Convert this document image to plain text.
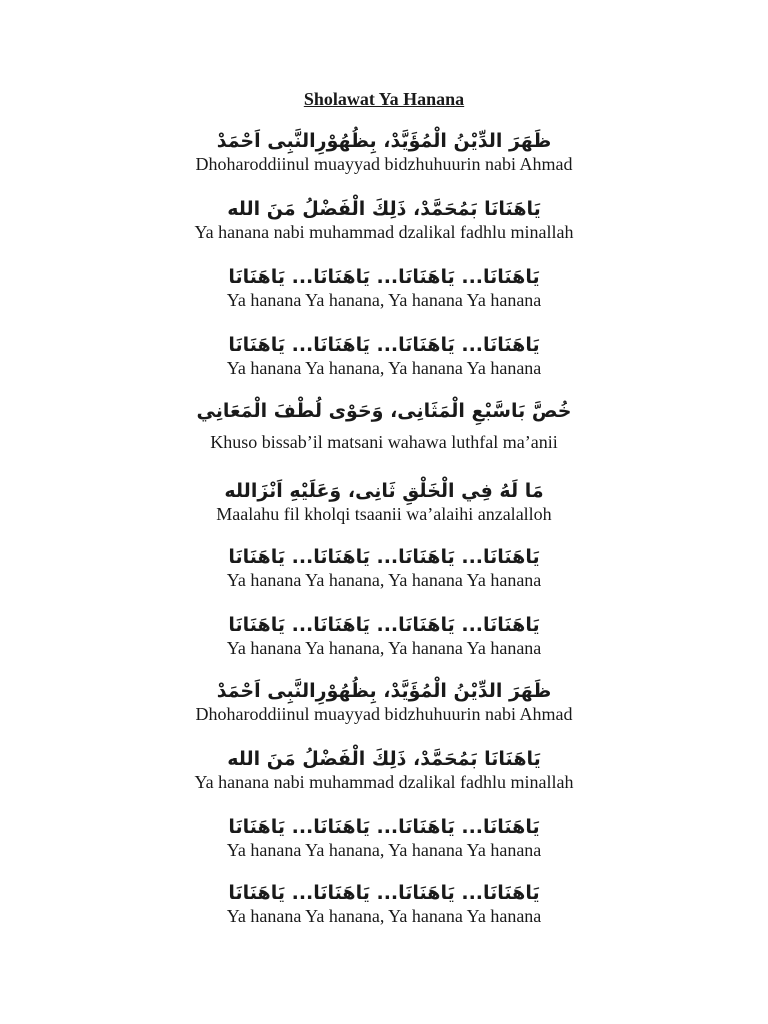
Sholawat Ya Hanana
ظَهَرَ الدِّيْنُ الْمُؤَيَّدْ، بِظُهُوْرِالنَّبِى اَحْمَدْ
Dhoharoddiinul muayyad bidzhuhuurin nabi Ahmad
يَاهَنَانَا بَمُحَمَّدْ، ذَلِكَ الْفَضْلُ مَنَ الله
Ya hanana nabi muhammad dzalikal fadhlu minallah
يَاهَنَانَا... يَاهَنَانَا... يَاهَنَانَا... يَاهَنَانَا
Ya hanana Ya hanana, Ya hanana Ya hanana
يَاهَنَانَا... يَاهَنَانَا... يَاهَنَانَا... يَاهَنَانَا
Ya hanana Ya hanana, Ya hanana Ya hanana
خُصَّ بَاسَّبْعِ الْمَثَانِى، وَحَوْى لُطْفَ الْمَعَانِي
Khuso bissab’il matsani wahawa luthfal ma’anii
مَا لَهُ فِي الْخَلْقِ ثَانِى، وَعَلَيْهِ اَنْزَالله
Maalahu fil kholqi tsaanii wa’alaihi anzalalloh
يَاهَنَانَا... يَاهَنَانَا... يَاهَنَانَا... يَاهَنَانَا
Ya hanana Ya hanana, Ya hanana Ya hanana
يَاهَنَانَا... يَاهَنَانَا... يَاهَنَانَا... يَاهَنَانَا
Ya hanana Ya hanana, Ya hanana Ya hanana
ظَهَرَ الدِّيْنُ الْمُؤَيَّدْ، بِظُهُوْرِالنَّبِى اَحْمَدْ
Dhoharoddiinul muayyad bidzhuhuurin nabi Ahmad
يَاهَنَانَا بَمُحَمَّدْ، ذَلِكَ الْفَضْلُ مَنَ الله
Ya hanana nabi muhammad dzalikal fadhlu minallah
يَاهَنَانَا... يَاهَنَانَا... يَاهَنَانَا... يَاهَنَانَا
Ya hanana Ya hanana, Ya hanana Ya hanana
يَاهَنَانَا... يَاهَنَانَا... يَاهَنَانَا... يَاهَنَانَا
Ya hanana Ya hanana, Ya hanana Ya hanana
